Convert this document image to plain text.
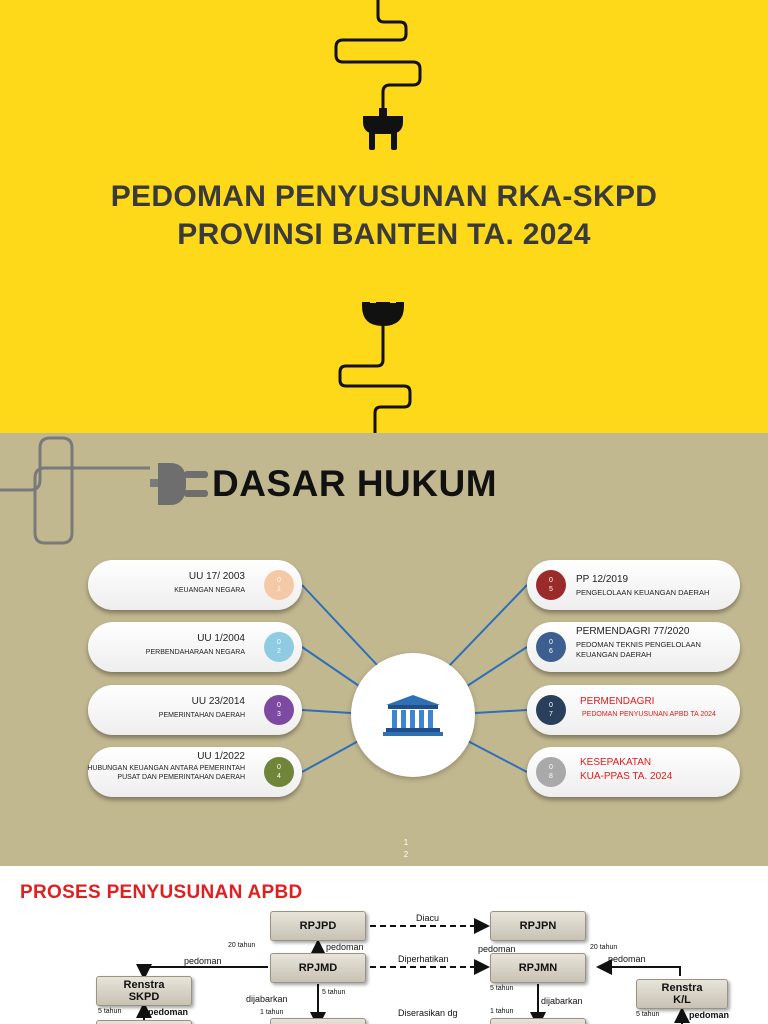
PEDOMAN PENYUSUNAN RKA-SKPD
PROVINSI BANTEN TA. 2024
DASAR HUKUM
UU 17/ 2003
KEUANGAN NEGARA
0
1
UU 1/2004
PERBENDAHARAAN NEGARA
0
2
UU 23/2014
PEMERINTAHAN DAERAH
0
3
UU 1/2022
HUBUNGAN KEUANGAN ANTARA PEMERINTAH PUSAT DAN PEMERINTAHAN DAERAH
0
4
0
5
PP 12/2019
PENGELOLAAN KEUANGAN DAERAH
0
6
PERMENDAGRI 77/2020
PEDOMAN TEKNIS PENGELOLAAN KEUANGAN DAERAH
0
7
PERMENDAGRI
PEDOMAN PENYUSUNAN APBD TA 2024
0
8
KESEPAKATAN
KUA-PPAS TA. 2024
1
2
PROSES PENYUSUNAN APBD
RPJPD	RPJPN
RPJMD	RPJMN
Renstra
SKPD
Renstra
K/L
Diacu
Diperhatikan
Diserasikan dg
20 tahun	pedoman	pedoman	20 tahun
pedoman	pedoman
5 tahun
dijabarkan
1 tahun
5 tahun
dijabarkan
1 tahun
5 tahun	pedoman	5 tahun	pedoman
